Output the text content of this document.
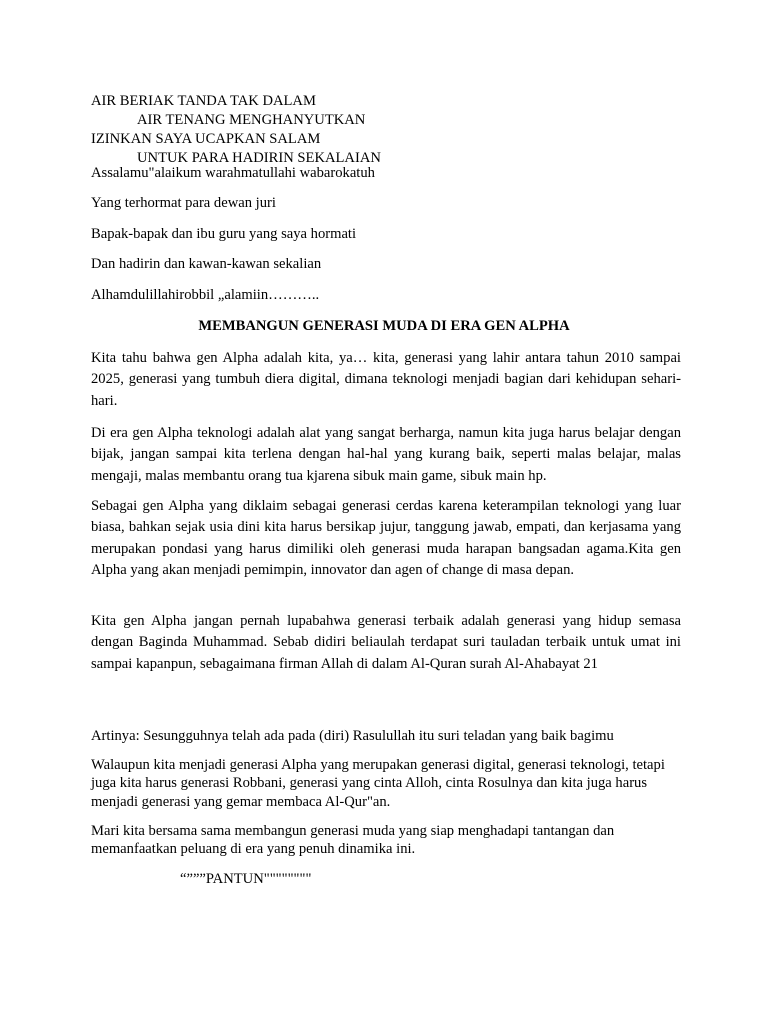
AIR BERIAK TANDA TAK DALAM
AIR TENANG MENGHANYUTKAN
IZINKAN SAYA UCAPKAN SALAM
UNTUK PARA HADIRIN SEKALAIAN
Assalamu"alaikum warahmatullahi wabarokatuh
Yang terhormat para dewan juri
Bapak-bapak dan ibu guru yang saya hormati
Dan hadirin dan kawan-kawan sekalian
Alhamdulillahirobbil „alamiin………..
MEMBANGUN GENERASI MUDA DI ERA GEN ALPHA
Kita tahu bahwa gen Alpha adalah kita, ya… kita, generasi yang lahir antara tahun 2010 sampai 2025, generasi yang tumbuh diera digital, dimana teknologi menjadi bagian dari kehidupan sehari-hari.
Di era gen Alpha teknologi adalah alat yang sangat berharga, namun kita juga harus belajar dengan bijak, jangan sampai kita terlena dengan hal-hal yang kurang baik, seperti malas belajar, malas mengaji, malas membantu orang tua kjarena sibuk main game, sibuk main hp.
Sebagai gen Alpha yang diklaim sebagai generasi cerdas karena keterampilan teknologi yang luar biasa, bahkan sejak usia dini kita harus bersikap jujur, tanggung jawab, empati, dan kerjasama yang merupakan pondasi yang harus dimiliki oleh generasi muda harapan bangsadan agama.Kita gen Alpha yang akan menjadi pemimpin, innovator dan agen of change di masa depan.
Kita gen Alpha jangan pernah lupabahwa generasi terbaik adalah generasi yang hidup semasa dengan Baginda Muhammad. Sebab didiri beliaulah terdapat suri tauladan terbaik untuk umat ini sampai kapanpun, sebagaimana firman Allah di dalam Al-Quran surah Al-Ahabayat 21
Artinya: Sesungguhnya telah ada pada (diri) Rasulullah itu suri teladan yang baik bagimu
Walaupun kita menjadi generasi Alpha yang merupakan generasi digital, generasi teknologi, tetapi juga kita harus generasi Robbani, generasi yang cinta Alloh, cinta Rosulnya dan kita juga harus menjadi generasi yang gemar membaca Al-Qur"an.
Mari kita bersama sama membangun generasi muda yang siap menghadapi tantangan dan memanfaatkan peluang di era yang penuh dinamika ini.
“”””PANTUN""""""""
